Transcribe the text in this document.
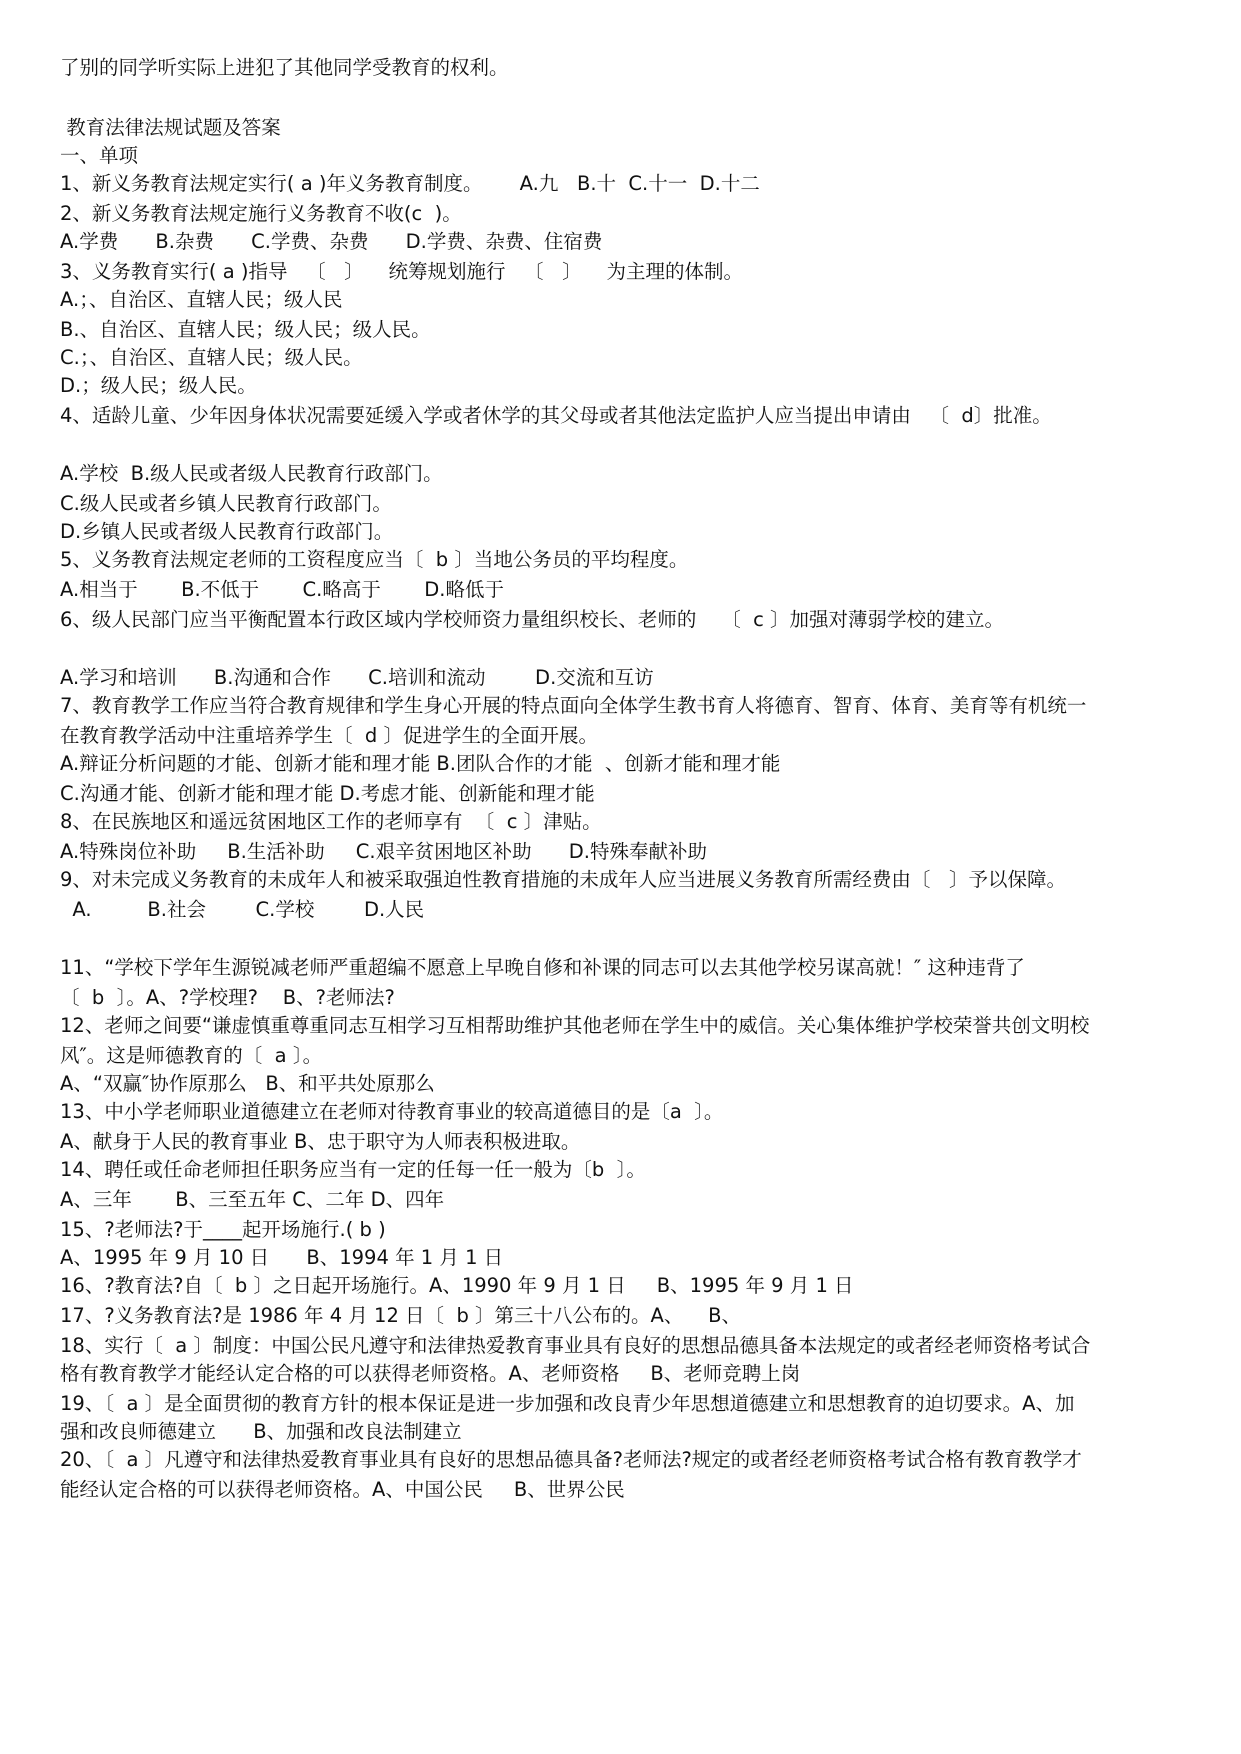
了别的同学听实际上进犯了其他同学受教育的权利。
教育法律法规试题及答案
一、单项
1、新义务教育法规定实行( a )年义务教育制度。      A.九   B.十  C.十一  D.十二
2、新义务教育法规定施行义务教育不收(c  )。
A.学费      B.杂费      C.学费、杂费      D.学费、杂费、住宿费
3、义务教育实行( a )指导   〔   〕    统筹规划施行   〔   〕    为主理的体制。
A.；、自治区、直辖人民；级人民
B.、自治区、直辖人民；级人民；级人民。
C.；、自治区、直辖人民；级人民。
D.；级人民；级人民。
4、适龄儿童、少年因身体状况需要延缓入学或者休学的其父母或者其他法定监护人应当提出申请由   〔  d〕批准。
A.学校  B.级人民或者级人民教育行政部门。
C.级人民或者乡镇人民教育行政部门。
D.乡镇人民或者级人民教育行政部门。
5、义务教育法规定老师的工资程度应当〔  b 〕当地公务员的平均程度。
A.相当于       B.不低于       C.略高于       D.略低于
6、级人民部门应当平衡配置本行政区域内学校师资力量组织校长、老师的    〔  c 〕加强对薄弱学校的建立。
A.学习和培训      B.沟通和合作      C.培训和流动        D.交流和互访
7、教育教学工作应当符合教育规律和学生身心开展的特点面向全体学生教书育人将德育、智育、体育、美育等有机统一
在教育教学活动中注重培养学生〔  d 〕促进学生的全面开展。
A.辩证分析问题的才能、创新才能和理才能 B.团队合作的才能  、创新才能和理才能
C.沟通才能、创新才能和理才能 D.考虑才能、创新能和理才能
8、在民族地区和遥远贫困地区工作的老师享有  〔  c 〕津贴。
A.特殊岗位补助     B.生活补助     C.艰辛贫困地区补助      D.特殊奉献补助
9、对未完成义务教育的未成年人和被采取强迫性教育措施的未成年人应当进展义务教育所需经费由〔   〕予以保障。
A.         B.社会        C.学校        D.人民
11、“学校下学年生源锐减老师严重超编不愿意上早晚自修和补课的同志可以去其他学校另谋高就！″ 这种违背了
〔  b  〕。A、?学校理?    B、?老师法?
12、老师之间要“谦虚慎重尊重同志互相学习互相帮助维护其他老师在学生中的威信。关心集体维护学校荣誉共创文明校
风″。这是师德教育的〔  a 〕。
A、“双赢″协作原那么   B、和平共处原那么
13、中小学老师职业道德建立在老师对待教育事业的较高道德目的是〔a  〕。
A、献身于人民的教育事业 B、忠于职守为人师表积极进取。
14、聘任或任命老师担任职务应当有一定的任每一任一般为〔b  〕。
A、三年       B、三至五年 C、二年 D、四年
15、?老师法?于____起开场施行.( b )
A、1995 年 9 月 10 日      B、1994 年 1 月 1 日
16、?教育法?自〔  b 〕之日起开场施行。A、1990 年 9 月 1 日     B、1995 年 9 月 1 日
17、?义务教育法?是 1986 年 4 月 12 日〔  b 〕第三十八公布的。A、    B、
18、实行〔  a 〕制度：中国公民凡遵守和法律热爱教育事业具有良好的思想品德具备本法规定的或者经老师资格考试合
格有教育教学才能经认定合格的可以获得老师资格。A、老师资格     B、老师竞聘上岗
19、〔  a 〕是全面贯彻的教育方针的根本保证是进一步加强和改良青少年思想道德建立和思想教育的迫切要求。A、加
强和改良师德建立      B、加强和改良法制建立
20、〔  a 〕凡遵守和法律热爱教育事业具有良好的思想品德具备?老师法?规定的或者经老师资格考试合格有教育教学才
能经认定合格的可以获得老师资格。A、中国公民     B、世界公民
